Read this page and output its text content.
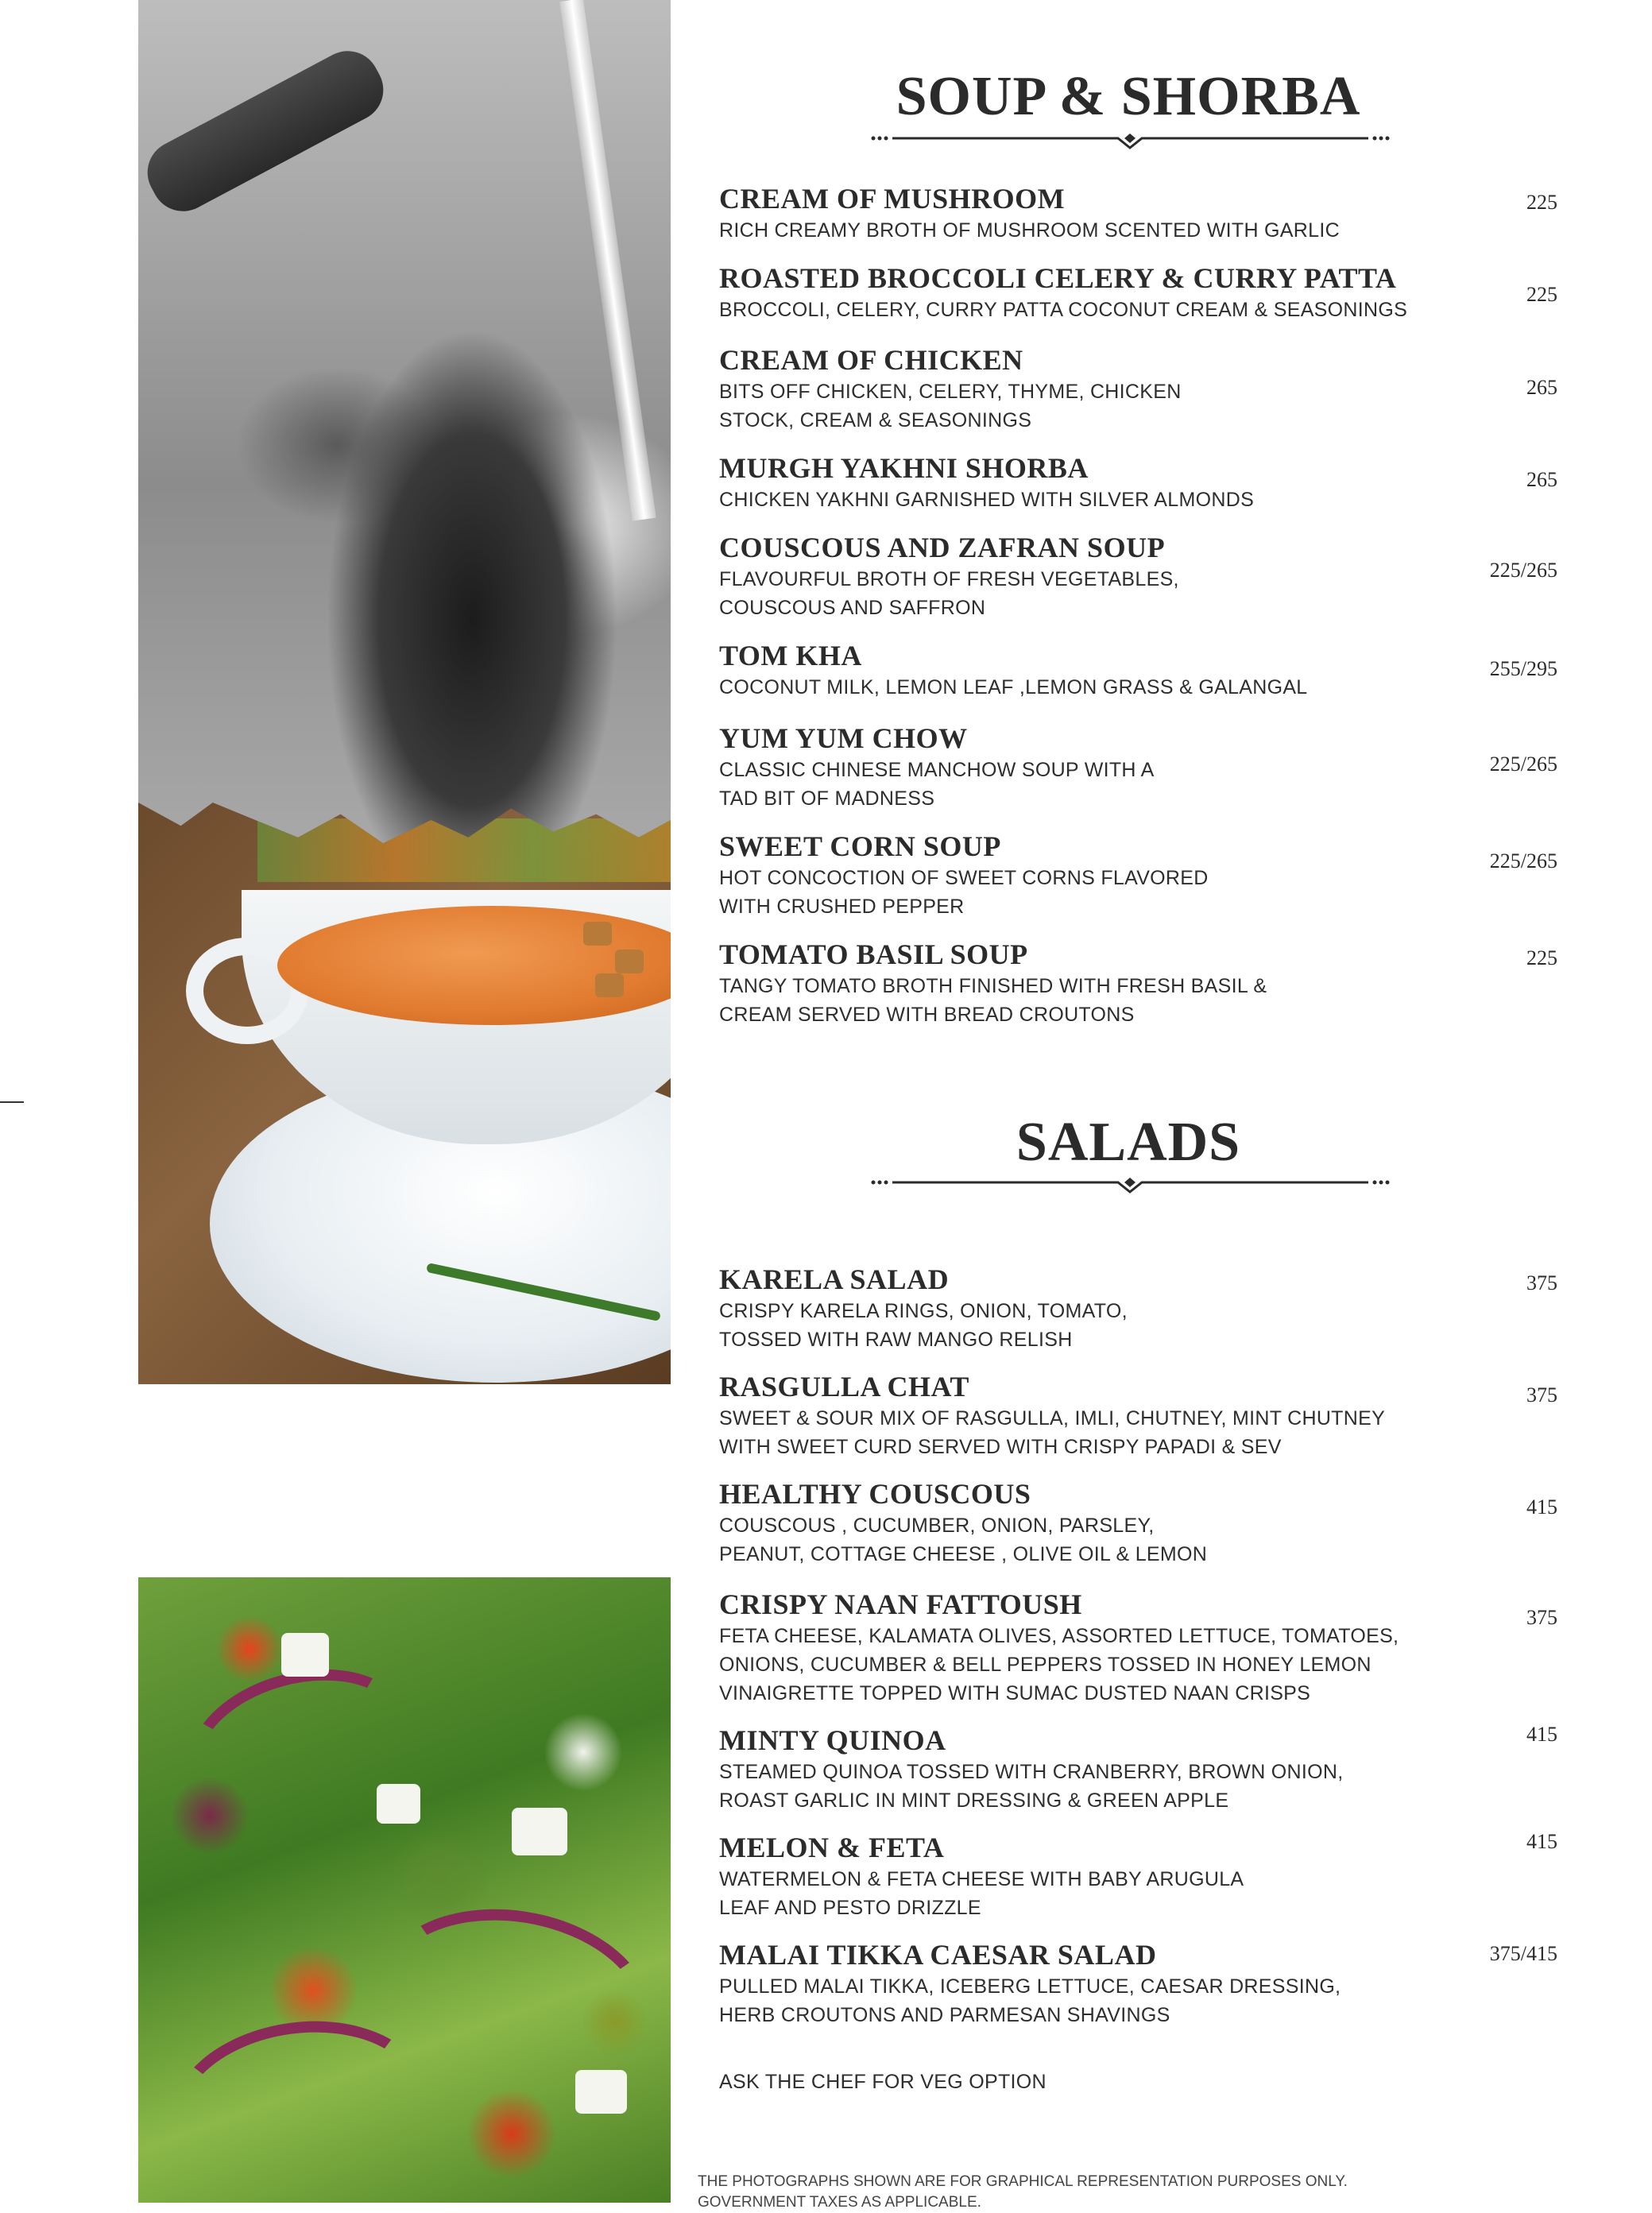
SOUP & SHORBA
CREAM OF MUSHROOM
RICH CREAMY BROTH OF MUSHROOM SCENTED WITH GARLIC
225
ROASTED BROCCOLI CELERY & CURRY PATTA
BROCCOLI, CELERY, CURRY PATTA COCONUT CREAM & SEASONINGS
225
CREAM OF CHICKEN
BITS OFF CHICKEN, CELERY, THYME, CHICKEN STOCK, CREAM & SEASONINGS
265
MURGH YAKHNI SHORBA
CHICKEN YAKHNI GARNISHED WITH SILVER ALMONDS
265
COUSCOUS AND ZAFRAN SOUP
FLAVOURFUL BROTH OF FRESH VEGETABLES, COUSCOUS AND SAFFRON
225/265
TOM KHA
COCONUT MILK, LEMON LEAF ,LEMON GRASS & GALANGAL
255/295
YUM YUM CHOW
CLASSIC CHINESE MANCHOW SOUP WITH A TAD BIT OF MADNESS
225/265
SWEET CORN SOUP
HOT CONCOCTION OF SWEET CORNS FLAVORED WITH CRUSHED PEPPER
225/265
TOMATO BASIL SOUP
TANGY TOMATO BROTH FINISHED WITH FRESH BASIL & CREAM SERVED WITH BREAD CROUTONS
225
SALADS
KARELA SALAD
CRISPY KARELA RINGS, ONION, TOMATO, TOSSED WITH RAW MANGO RELISH
375
RASGULLA CHAT
SWEET & SOUR MIX OF RASGULLA, IMLI, CHUTNEY, MINT CHUTNEY WITH SWEET CURD SERVED WITH CRISPY PAPADI & SEV
375
HEALTHY COUSCOUS
COUSCOUS , CUCUMBER, ONION, PARSLEY, PEANUT, COTTAGE CHEESE , OLIVE OIL & LEMON
415
CRISPY NAAN FATTOUSH
FETA CHEESE, KALAMATA OLIVES, ASSORTED LETTUCE, TOMATOES, ONIONS, CUCUMBER & BELL PEPPERS TOSSED IN HONEY LEMON VINAIGRETTE TOPPED WITH SUMAC DUSTED NAAN CRISPS
375
MINTY QUINOA
STEAMED QUINOA TOSSED WITH CRANBERRY, BROWN ONION, ROAST GARLIC IN MINT DRESSING & GREEN APPLE
415
MELON & FETA
WATERMELON & FETA CHEESE WITH BABY ARUGULA LEAF AND PESTO DRIZZLE
415
MALAI TIKKA CAESAR SALAD
PULLED MALAI TIKKA, ICEBERG LETTUCE, CAESAR DRESSING, HERB CROUTONS AND PARMESAN SHAVINGS
375/415
ASK THE CHEF FOR VEG OPTION
THE PHOTOGRAPHS SHOWN ARE FOR GRAPHICAL REPRESENTATION PURPOSES ONLY.
GOVERNMENT TAXES AS APPLICABLE.
